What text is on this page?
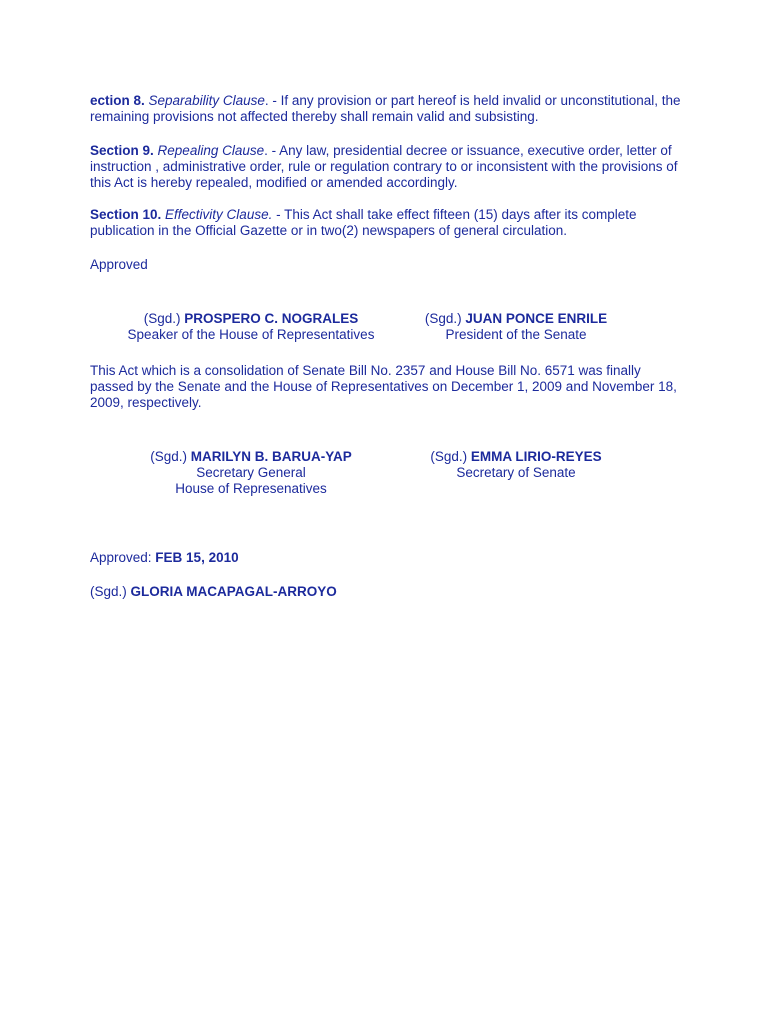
ection 8. Separability Clause. - If any provision or part hereof is held invalid or unconstitutional, the remaining provisions not affected thereby shall remain valid and subsisting.

Section 9. Repealing Clause. - Any law, presidential decree or issuance, executive order, letter of instruction , administrative order, rule or regulation contrary to or inconsistent with the provisions of this Act is hereby repealed, modified or amended accordingly.

Section 10. Effectivity Clause. - This Act shall take effect fifteen (15) days after its complete publication in the Official Gazette or in two(2) newspapers of general circulation.

Approved
(Sgd.) PROSPERO C. NOGRALES
Speaker of the House of Representatives
(Sgd.) JUAN PONCE ENRILE
President of the Senate

This Act which is a consolidation of Senate Bill No. 2357 and House Bill No. 6571 was finally passed by the Senate and the House of Representatives on December 1, 2009 and November 18, 2009, respectively.

(Sgd.) MARILYN B. BARUA-YAP
Secretary General
House of Represenatives
(Sgd.) EMMA LIRIO-REYES
Secretary of Senate
Approved: FEB 15, 2010
(Sgd.) GLORIA MACAPAGAL-ARROYO
